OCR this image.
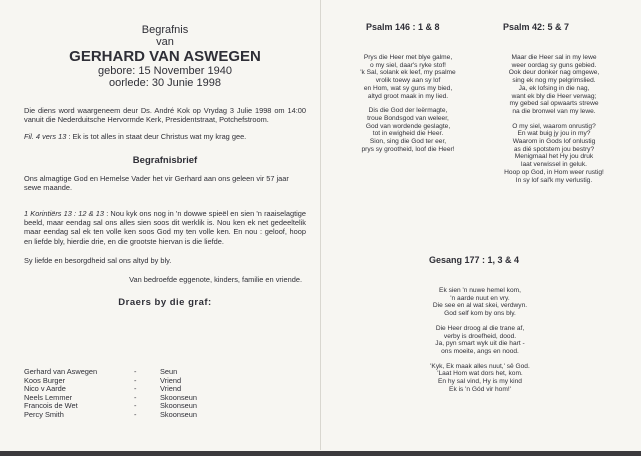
Begrafnis
van
GERHARD VAN ASWEGEN
gebore: 15 November 1940
oorlede: 30 Junie 1998

Die diens word waargeneem deur Ds. André Kok op Vrydag 3 Julie 1998 om 14:00 vanuit die Nederduitsche Hervormde Kerk, Presidentstraat, Potchefstroom.

Fil. 4 vers 13 : Ek is tot alles in staat deur Christus wat my krag gee.

Begrafnisbrief

Ons almagtige God en Hemelse Vader het vir Gerhard aan ons geleen vir 57 jaar sewe maande.

1 Korintiërs 13 : 12 & 13 : Nou kyk ons nog in 'n dowwe spieël en sien 'n raaiselagtige beeld, maar eendag sal ons alles sien soos dit werklik is. Nou ken ek net gedeeltelik maar eendag sal ek ten volle ken soos God my ten volle ken. En nou : geloof, hoop en liefde bly, hierdie drie, en die grootste hiervan is die liefde.

Sy liefde en besorgdheid sal ons altyd by bly.

Van bedroefde eggenote, kinders, familie en vriende.

Draers by die graf:
Gerhard van Aswegen	-	Seun
Koos Burger	-	Vriend
Nico v Aarde	-	Vriend
Neels Lemmer	-	Skoonseun
Francois de Wet	-	Skoonseun
Percy Smith	-	Skoonseun
Psalm 146 : 1 & 8	Psalm 42: 5 & 7
Prys die Heer met blye galme,
o my siel, daar's ryke stof!
'k Sal, solank ek leef, my psalme
vrolik toewy aan sy lof
en Hom, wat sy guns my bied,
altyd groot maak in my lied.
Dis die God der leërmagte,
troue Bondsgod van weleer,
God van wordende geslagte,
tot in ewigheid die Heer.
Sion, sing die God ter eer,
prys sy grootheid, loof die Heer!
Maar die Heer sal in my lewe
weer oordag sy guns gebied.
Ook deur donker nag omgewe,
sing ek nog my pelgrimslied.
Ja, ek lofsing in die nag,
want ek bly die Heer verwag;
my gebed sal opwaarts strewe
na die bronwel van my lewe.
O my siel, waarom onrustig?
En wat buig jy jou in my?
Waarom in Gods lof onlustig
as dié spotstem jou bestry?
Menigmaal het Hy jou druk
laat verwissel in geluk.
Hoop op God, in Hom weer rustig!
In sy lof sal'k my verlustig.
Gesang 177 : 1, 3 & 4
Ek sien 'n nuwe hemel kom,
'n aarde nuut en vry.
Die see en al wat skei, verdwyn.
God self kom by ons bly.
Die Heer droog al die trane af,
verby is droefheid, dood.
Ja, pyn smart wyk uit die hart -
ons moeite, angs en nood.
'Kyk, Ek maak alles nuut,' sê God.
'Laat Hom wat dors het, kom.
En hy sal vind, Hy is my kind
Ek is 'n Gód vir hom!'
